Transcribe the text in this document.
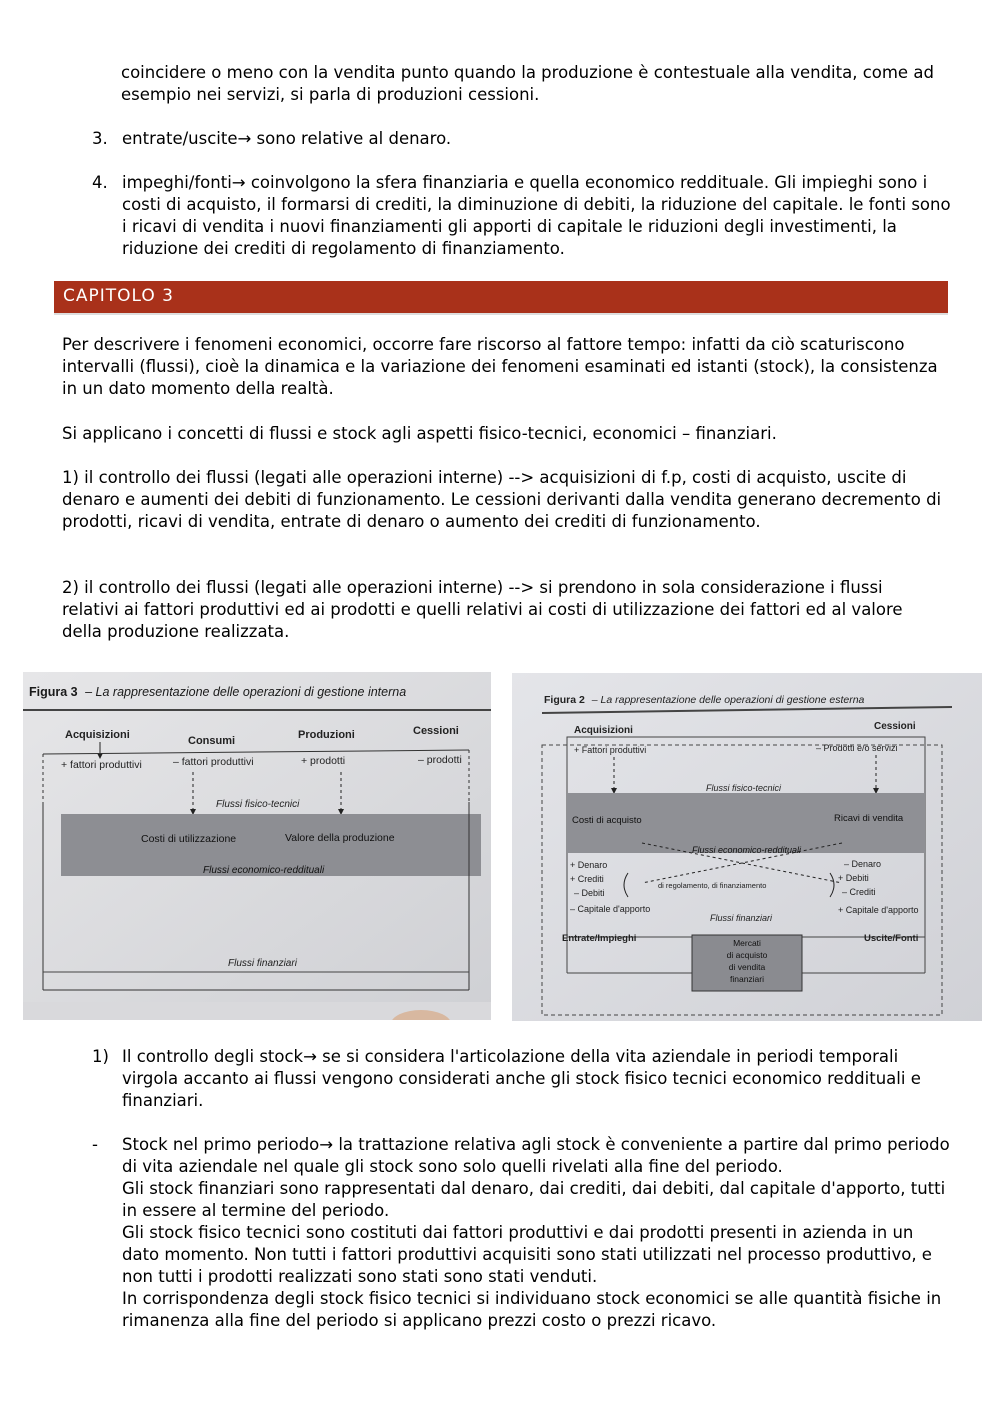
coincidere o meno con la vendita punto quando la produzione è contestuale alla vendita, come ad esempio nei servizi, si parla di produzioni cessioni.

3. entrate/uscite→ sono relative al denaro.
4. impeghi/fonti→ coinvolgono la sfera finanziaria e quella economico reddituale. Gli impieghi sono i costi di acquisto, il formarsi di crediti, la diminuzione di debiti, la riduzione del capitale. le fonti sono i ricavi di vendita i nuovi finanziamenti gli apporti di capitale le riduzioni degli investimenti, la riduzione dei crediti di regolamento di finanziamento.
CAPITOLO 3

Per descrivere i fenomeni economici, occorre fare riscorso al fattore tempo: infatti da ciò scaturiscono intervalli (flussi), cioè la dinamica e la variazione dei fenomeni esaminati ed istanti (stock), la consistenza in un dato momento della realtà.

Si applicano i concetti di flussi e stock agli aspetti fisico-tecnici, economici – finanziari.

1) il controllo dei flussi (legati alle operazioni interne) --> acquisizioni di f.p, costi di acquisto, uscite di denaro e aumenti dei debiti di funzionamento. Le cessioni derivanti dalla vendita generano decremento di prodotti, ricavi di vendita, entrate di denaro o aumento dei crediti di funzionamento.

2) il controllo dei flussi (legati alle operazioni interne) --> si prendono in sola considerazione i flussi relativi ai fattori produttivi ed ai prodotti e quelli relativi ai costi di utilizzazione dei fattori ed al valore della produzione realizzata.

Figura 3 – La rappresentazione delle operazioni di gestione interna
Acquisizioni	Consumi	Produzioni	Cessioni
+ fattori produttivi	– fattori produttivi	+ prodotti	– prodotti
Flussi fisico-tecnici
Costi di utilizzazione	Valore della produzione
Flussi economico-reddituali
Flussi finanziari
Figura 2 – La rappresentazione delle operazioni di gestione esterna
Acquisizioni	Cessioni
+ Fattori produttivi	– Prodotti e/o servizi
Flussi fisico-tecnici
Costi di acquisto	Ricavi di vendita
Flussi economico-reddituali
+ Denaro
+ Crediti
– Debiti
– Capitale d'apporto
– Denaro
+ Debiti
– Crediti
+ Capitale d'apporto
di regolamento, di finanziamento
Flussi finanziari
Entrate/Impieghi	Uscite/Fonti
Mercati
di acquisto
di vendita
finanziari
1) Il controllo degli stock→ se si considera l'articolazione della vita aziendale in periodi temporali virgola accanto ai flussi vengono considerati anche gli stock fisico tecnici economico reddituali e finanziari.
-	Stock nel primo periodo→ la trattazione relativa agli stock è conveniente a partire dal primo periodo di vita aziendale nel quale gli stock sono solo quelli rivelati alla fine del periodo.
Gli stock finanziari sono rappresentati dal denaro, dai crediti, dai debiti, dal capitale d'apporto, tutti in essere al termine del periodo.
Gli stock fisico tecnici sono costituti dai fattori produttivi e dai prodotti presenti in azienda in un dato momento. Non tutti i fattori produttivi acquisiti sono stati utilizzati nel processo produttivo, e non tutti i prodotti realizzati sono stati sono stati venduti.
In corrispondenza degli stock fisico tecnici si individuano stock economici se alle quantità fisiche in rimanenza alla fine del periodo si applicano prezzi costo o prezzi ricavo.
